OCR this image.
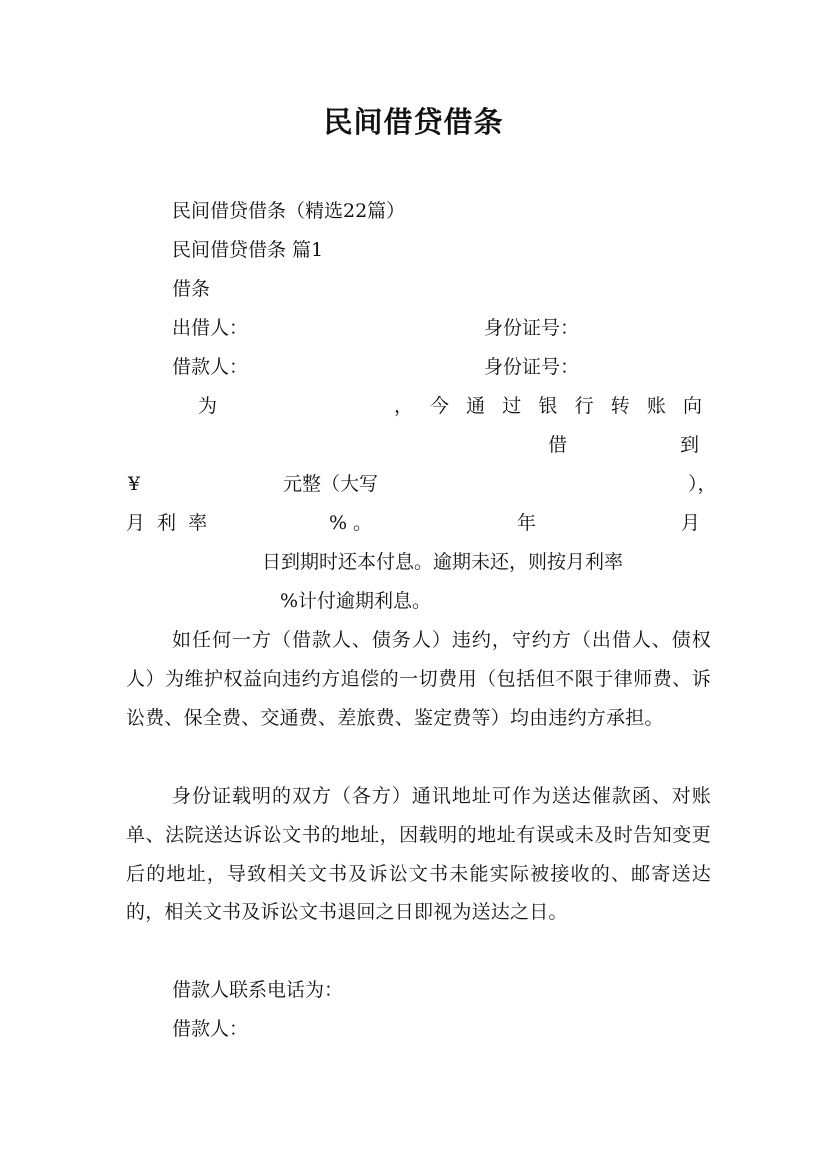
民间借贷借条
民间借贷借条（精选22篇）
民间借贷借条 篇1
借条
出借人：	身份证号：
借款人：	身份证号：
为	， 今 通 过 银 行 转 账 向
借	到
¥	元整（大写	），
月 利 率	%。	年	月
日到期时还本付息。逾期未还，则按月利率
%计付逾期利息。
如任何一方（借款人、债务人）违约，守约方（出借人、债权人）为维护权益向违约方追偿的一切费用（包括但不限于律师费、诉讼费、保全费、交通费、差旅费、鉴定费等）均由违约方承担。
身份证载明的双方（各方）通讯地址可作为送达催款函、对账单、法院送达诉讼文书的地址，因载明的地址有误或未及时告知变更后的地址，导致相关文书及诉讼文书未能实际被接收的、邮寄送达的，相关文书及诉讼文书退回之日即视为送达之日。
借款人联系电话为：
借款人：
